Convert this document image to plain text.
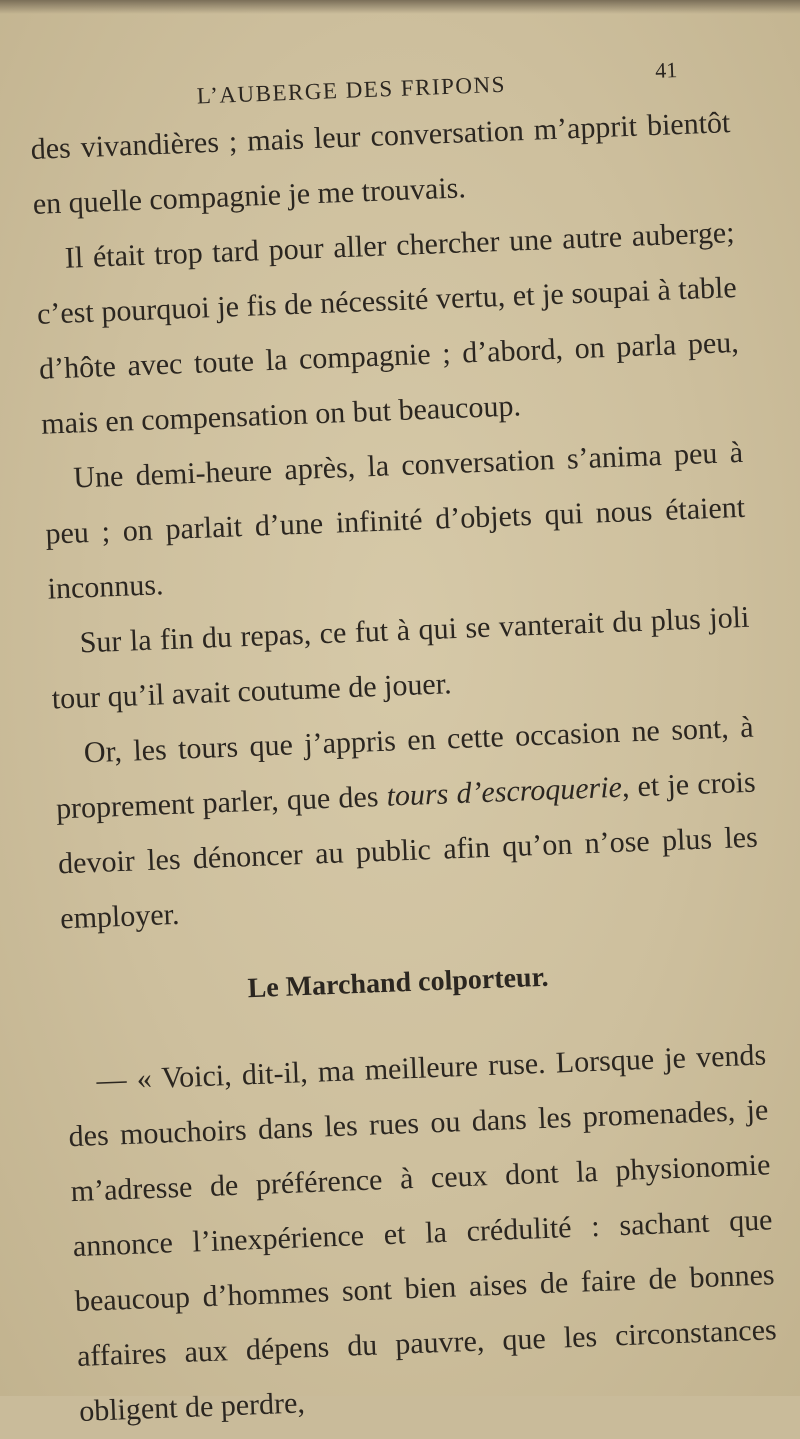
L’AUBERGE DES FRIPONS
41

des vivandières ; mais leur conversation m’apprit bientôt en quelle compagnie je me trouvais.

Il était trop tard pour aller chercher une autre auberge; c’est pourquoi je fis de nécessité vertu, et je soupai à table d’hôte avec toute la compagnie ; d’abord, on parla peu, mais en compensation on but beaucoup.

Une demi-heure après, la conversation s’anima peu à peu ; on parlait d’une infinité d’objets qui nous étaient inconnus.

Sur la fin du repas, ce fut à qui se vanterait du plus joli tour qu’il avait coutume de jouer.

Or, les tours que j’appris en cette occasion ne sont, à proprement parler, que des tours d’escroquerie, et je crois devoir les dénoncer au public afin qu’on n’ose plus les employer.

Le Marchand colporteur.

— « Voici, dit-il, ma meilleure ruse. Lorsque je vends des mouchoirs dans les rues ou dans les promenades, je m’adresse de préférence à ceux dont la physionomie annonce l’inexpérience et la crédulité : sachant que beaucoup d’hommes sont bien aises de faire de bonnes affaires aux dépens du pauvre, que les circonstances obligent de perdre,
